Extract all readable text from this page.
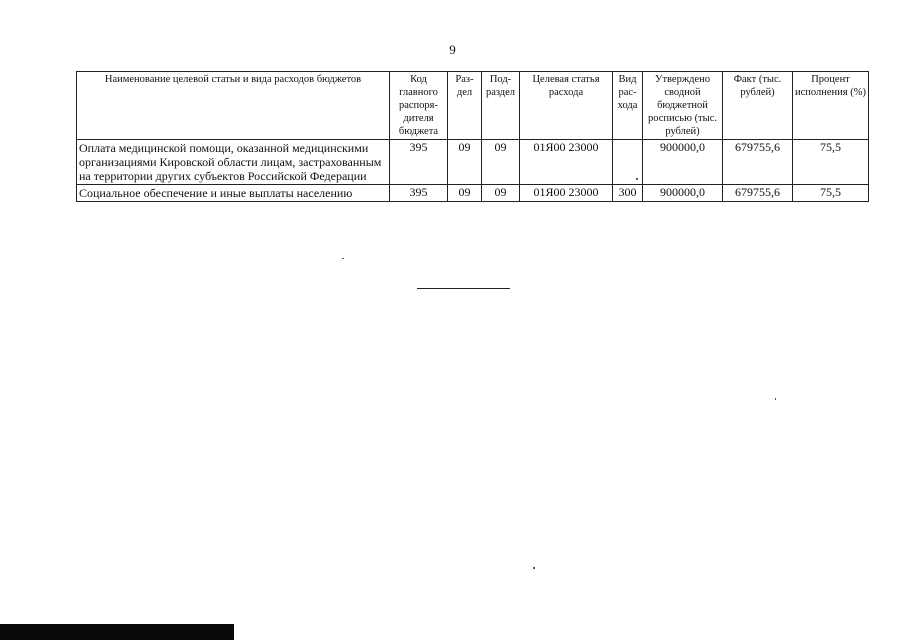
9
Наименование целевой статьи и вида расходов бюджетов	Код главного распоря-дителя бюджета	Раз-дел	Под-раздел	Целевая статья расхода	Вид рас-хода	Утверждено сводной бюджетной росписью (тыс. рублей)	Факт (тыс. рублей)	Процент исполнения (%)
Оплата медицинской помощи, оказанной медицинскими организациями Кировской области лицам, застрахованным на территории других субъектов Российской Федерации	395	09	09	01Я00 23000		900000,0	679755,6	75,5
Социальное обеспечение и иные выплаты населению	395	09	09	01Я00 23000	300	900000,0	679755,6	75,5
